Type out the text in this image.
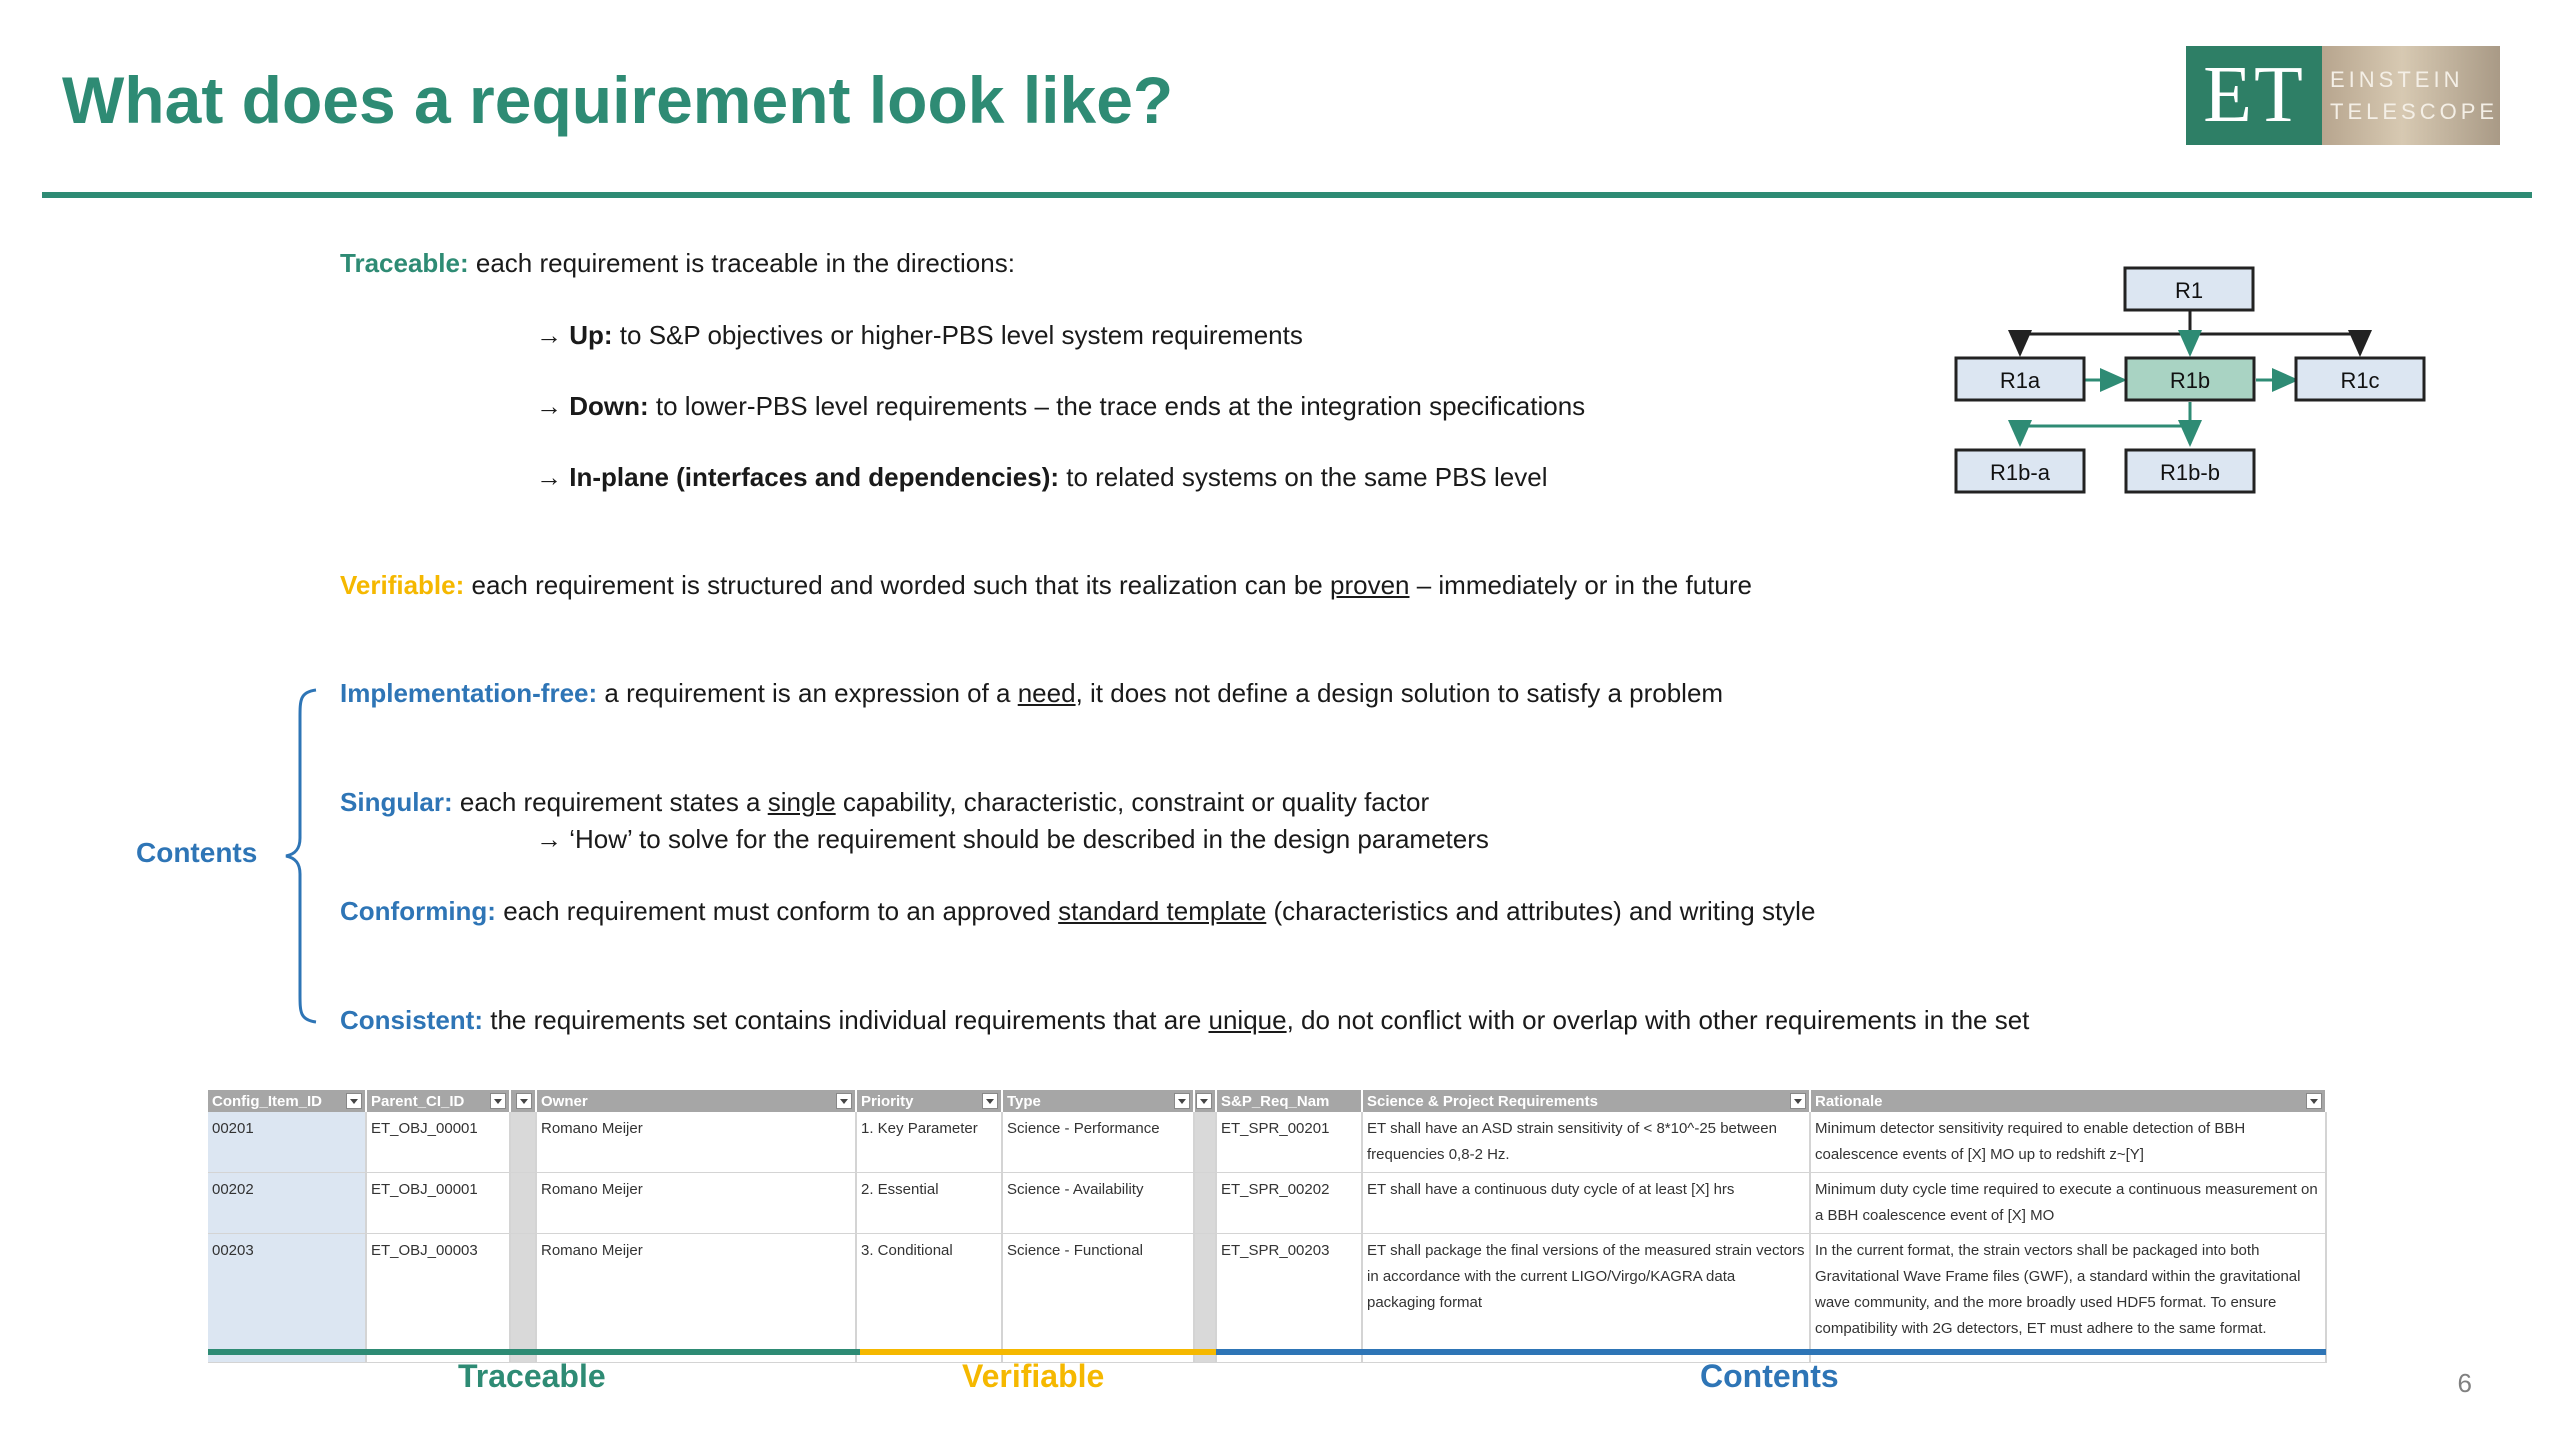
What does a requirement look like?	ET	EINSTEIN
TELESCOPE
Traceable: each requirement is traceable in the directions:
→ Up: to S&P objectives or higher-PBS level system requirements
→ Down: to lower-PBS level requirements – the trace ends at the integration specifications
→ In-plane (interfaces and dependencies): to related systems on the same PBS level
Verifiable: each requirement is structured and worded such that its realization can be proven – immediately or in the future
Contents
Implementation-free: a requirement is an expression of a need, it does not define a design solution to satisfy a problem
Singular: each requirement states a single capability, characteristic, constraint or quality factor
→ ‘How’ to solve for the requirement should be described in the design parameters
Conforming: each requirement must conform to an approved standard template (characteristics and attributes) and writing style
Consistent: the requirements set contains individual requirements that are unique, do not conflict with or overlap with other requirements in the set
R1
R1a	R1b	R1c
R1b-a	R1b-b
Config_Item_ID	Parent_CI_ID		Owner	Priority	Type		S&P_Req_Nam	Science & Project Requirements	Rationale

00201	ET_OBJ_00001		Romano Meijer	1. Key Parameter	Science - Performance		ET_SPR_00201	ET shall have an ASD strain sensitivity of < 8*10^-25 between frequencies 0,8-2 Hz.	Minimum detector sensitivity required to enable detection of BBH coalescence events of [X] MO up to redshift z~[Y]
00202	ET_OBJ_00001		Romano Meijer	2. Essential	Science - Availability		ET_SPR_00202	ET shall have a continuous duty cycle of at least [X] hrs	Minimum duty cycle time required to execute a continuous measurement on a BBH coalescence event of [X] MO
00203	ET_OBJ_00003		Romano Meijer	3. Conditional	Science - Functional		ET_SPR_00203	ET shall package the final versions of the measured strain vectors in accordance with the current LIGO/Virgo/KAGRA data packaging format	In the current format, the strain vectors shall be packaged into both Gravitational Wave Frame files (GWF), a standard within the gravitational wave community, and the more broadly used HDF5 format. To ensure compatibility with 2G detectors, ET must adhere to the same format.
Traceable	Verifiable	Contents	6
